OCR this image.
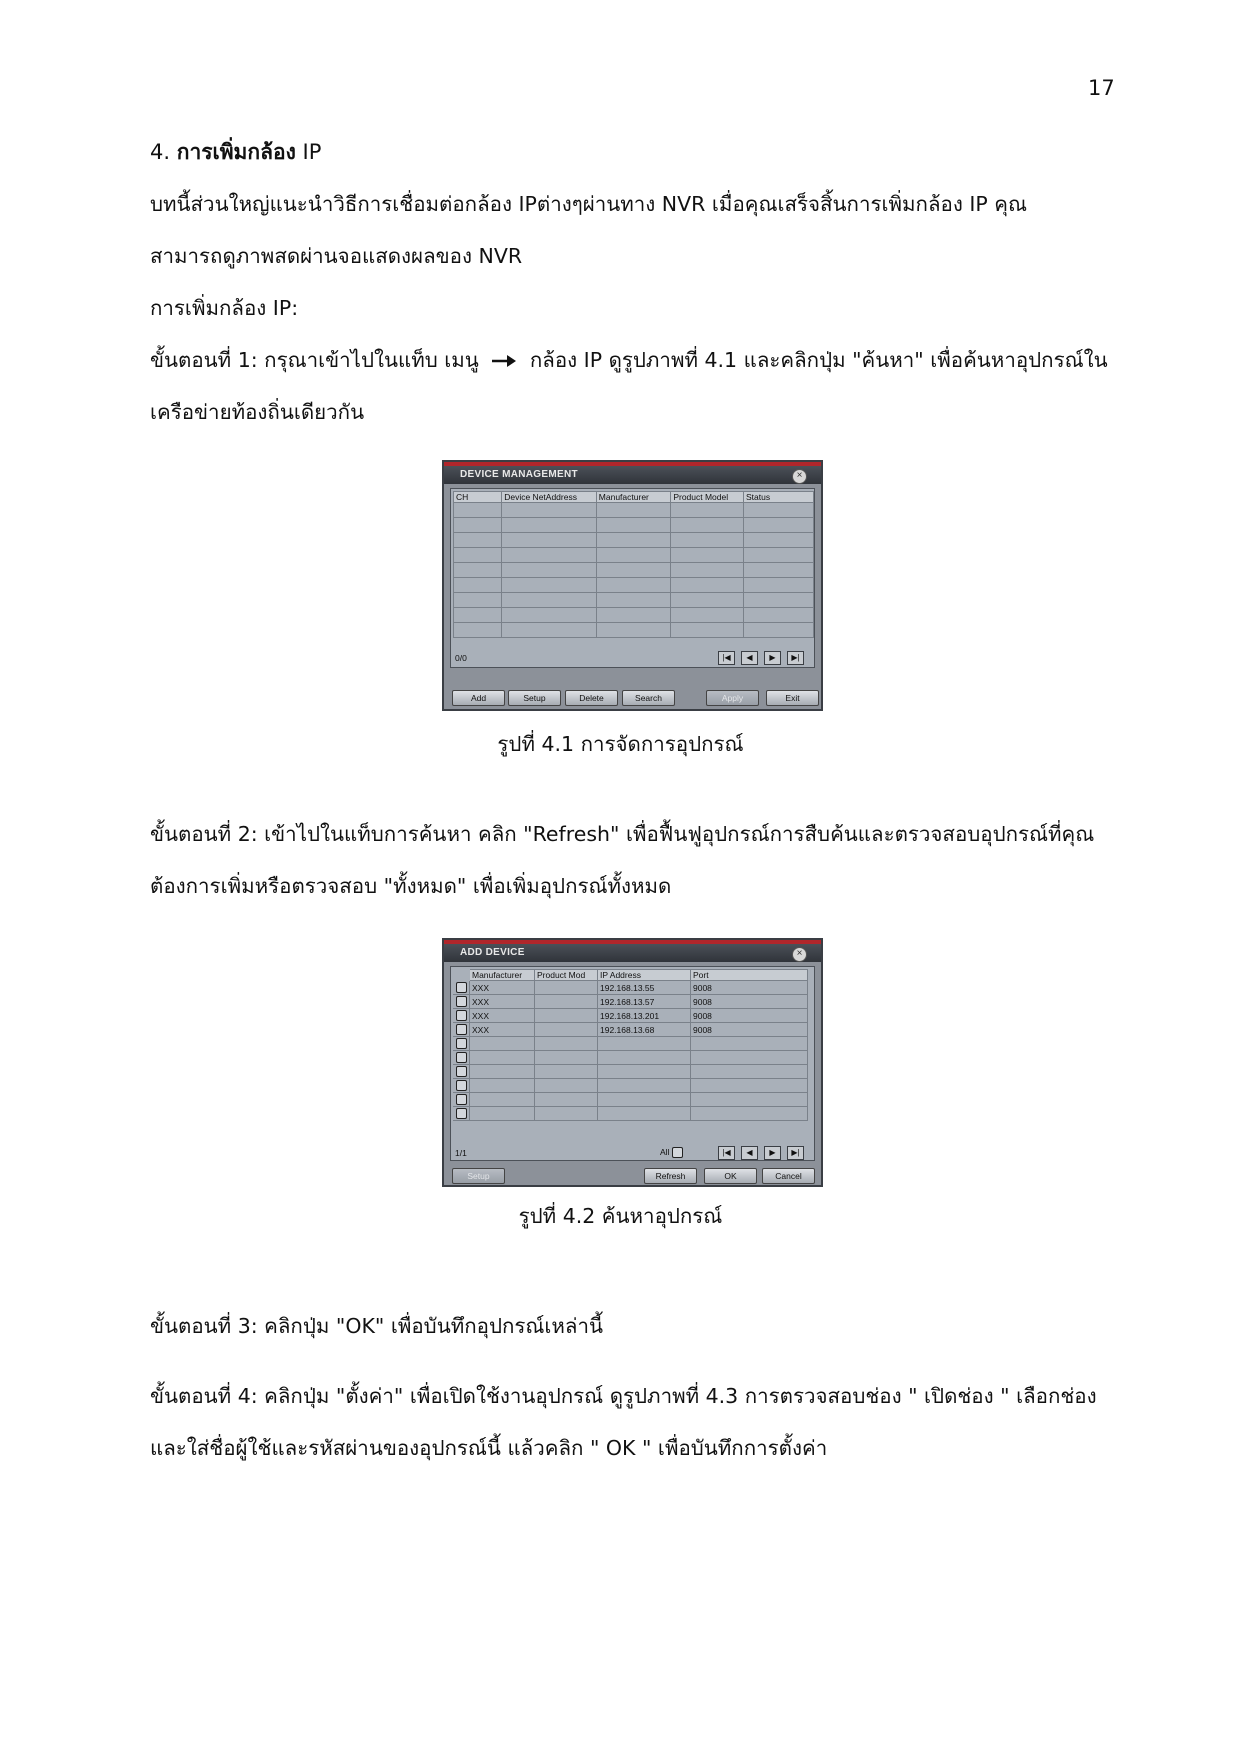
17
4. การเพิ่มกล้อง IP
บทนี้ส่วนใหญ่แนะนำวิธีการเชื่อมต่อกล้อง IPต่างๆผ่านทาง NVR เมื่อคุณเสร็จสิ้นการเพิ่มกล้อง IP คุณ
สามารถดูภาพสดผ่านจอแสดงผลของ NVR
การเพิ่มกล้อง IP:
ขั้นตอนที่ 1: กรุณาเข้าไปในแท็บ เมนู กล้อง IP ดูรูปภาพที่ 4.1 และคลิกปุ่ม "ค้นหา" เพื่อค้นหาอุปกรณ์ใน
เครือข่ายท้องถิ่นเดียวกัน
DEVICE MANAGEMENT	×
CH	Device NetAddress	Manufacturer	Product Model	Status

0/0	|◀	◀	▶	▶|
Add	Setup	Delete	Search	Apply	Exit
รูปที่ 4.1 การจัดการอุปกรณ์
ขั้นตอนที่ 2: เข้าไปในแท็บการค้นหา คลิก "Refresh" เพื่อฟื้นฟูอุปกรณ์การสืบค้นและตรวจสอบอุปกรณ์ที่คุณ
ต้องการเพิ่มหรือตรวจสอบ "ทั้งหมด" เพื่อเพิ่มอุปกรณ์ทั้งหมด
ADD DEVICE	×
	Manufacturer	Product Mod	IP Address	Port
	XXX		192.168.13.55	9008
	XXX		192.168.13.57	9008
	XXX		192.168.13.201	9008
	XXX		192.168.13.68	9008

1/1	All	|◀	◀	▶	▶|
Setup	Refresh	OK	Cancel
รูปที่ 4.2 ค้นหาอุปกรณ์
ขั้นตอนที่ 3: คลิกปุ่ม "OK" เพื่อบันทึกอุปกรณ์เหล่านี้
ขั้นตอนที่ 4: คลิกปุ่ม "ตั้งค่า" เพื่อเปิดใช้งานอุปกรณ์ ดูรูปภาพที่ 4.3 การตรวจสอบช่อง " เปิดช่อง " เลือกช่อง
และใส่ชื่อผู้ใช้และรหัสผ่านของอุปกรณ์นี้ แล้วคลิก " OK " เพื่อบันทึกการตั้งค่า
